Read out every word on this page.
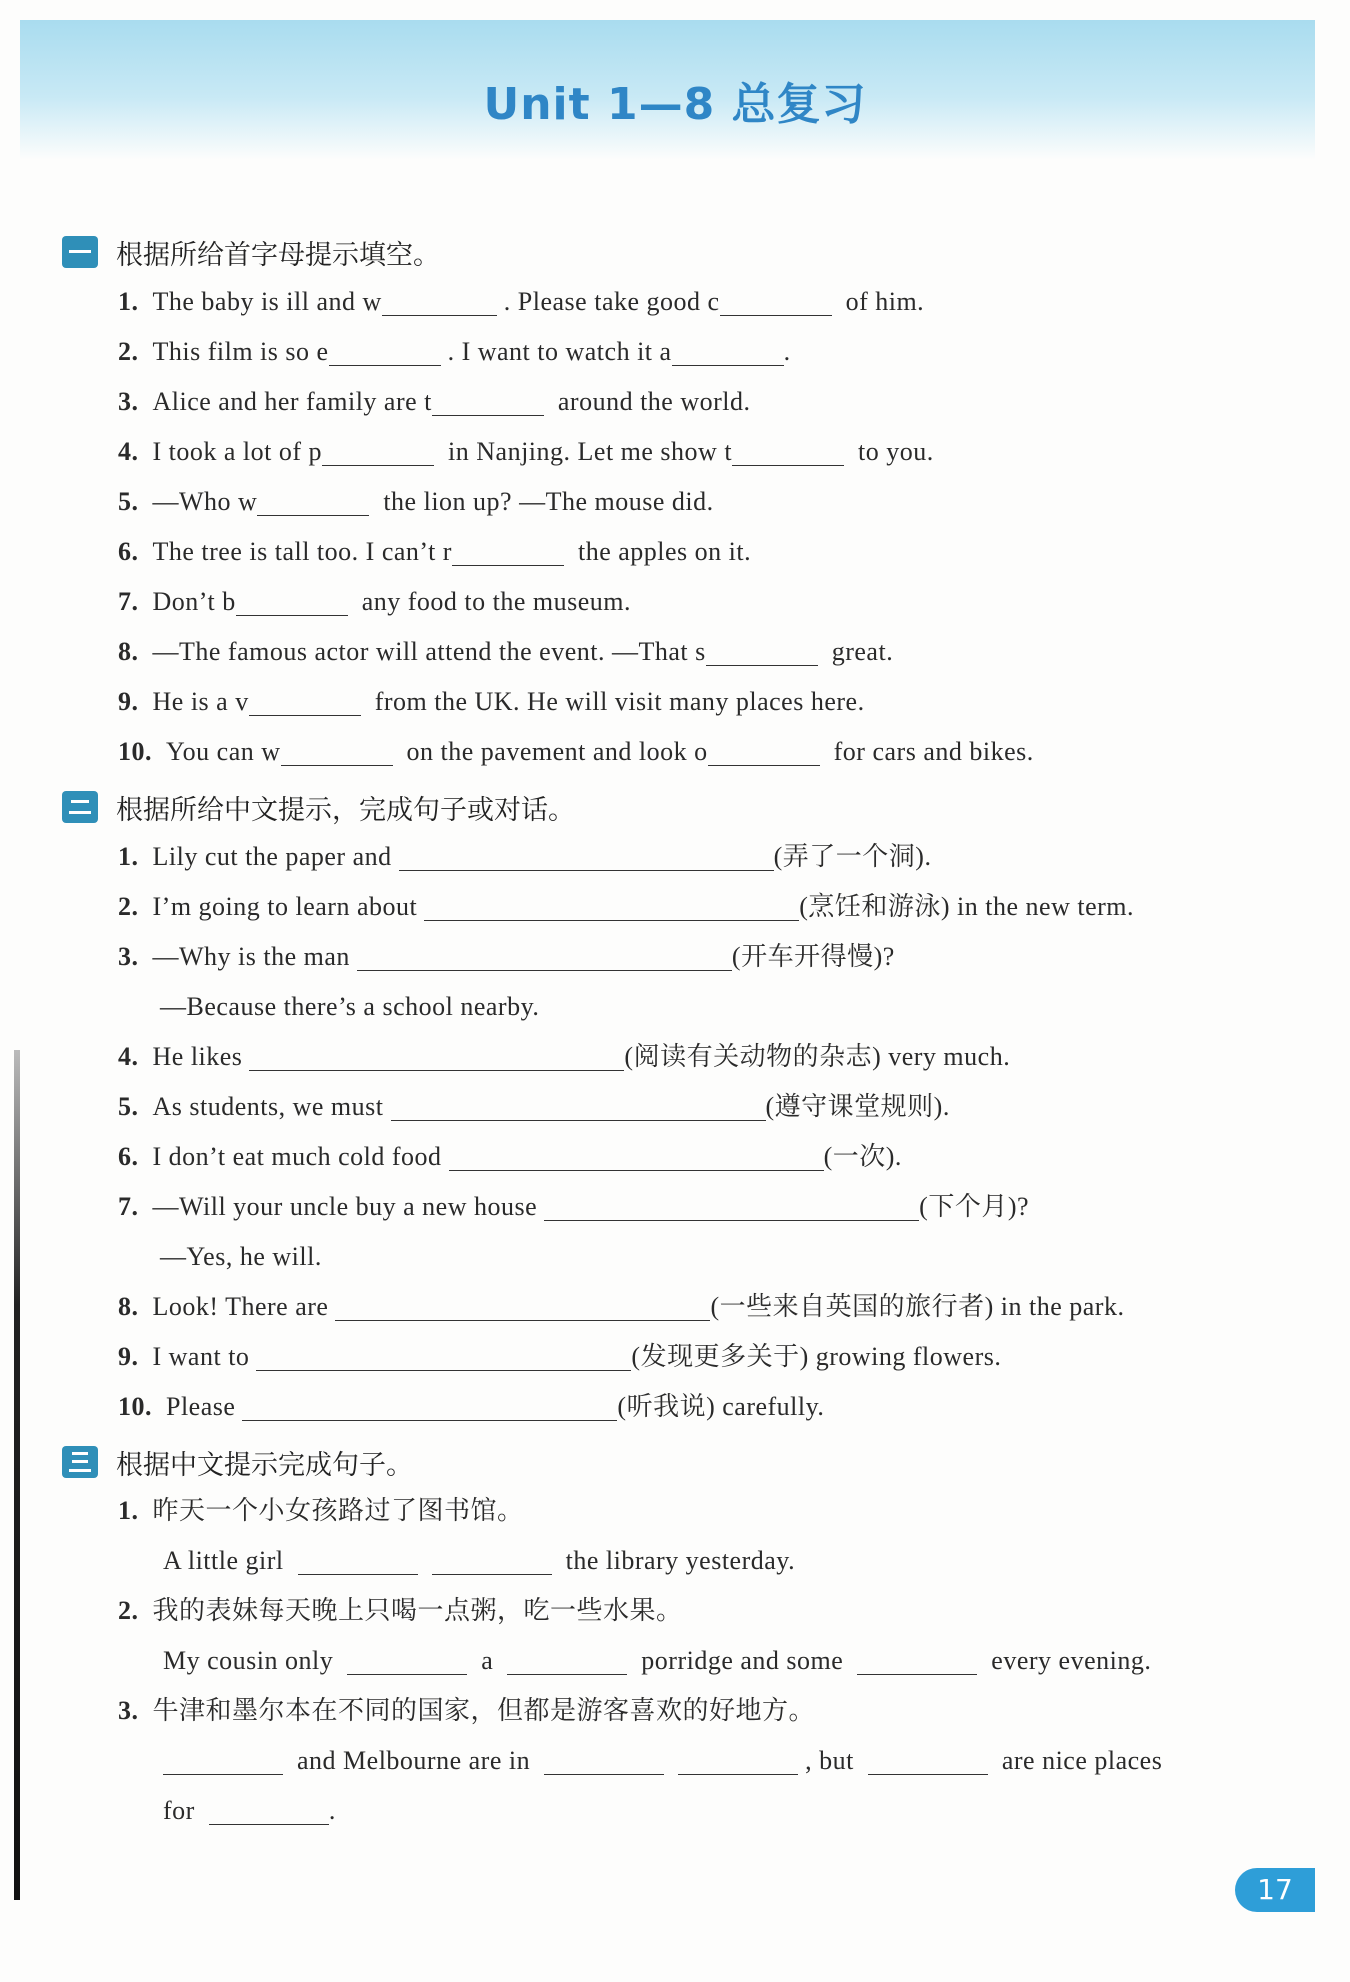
Unit 1—8 总复习
根据所给首字母提示填空。
1. The baby is ill and w	. Please take good c	of him.
2. This film is so e	. I want to watch it a	.
3. Alice and her family are t	around the world.
4. I took a lot of p	in Nanjing. Let me show t	to you.
5. —Who w	the lion up? —The mouse did.
6. The tree is tall too. I can’t r	the apples on it.
7. Don’t b	any food to the museum.
8. —The famous actor will attend the event. —That s	great.
9. He is a v	from the UK. He will visit many places here.
10. You can w	on the pavement and look o	for cars and bikes.
根据所给中文提示，完成句子或对话。
1. Lily cut the paper and	(弄了一个洞).
2. I’m going to learn about	(烹饪和游泳) in the new term.
3. —Why is the man	(开车开得慢)?
—Because there’s a school nearby.
4. He likes	(阅读有关动物的杂志) very much.
5. As students, we must	(遵守课堂规则).
6. I don’t eat much cold food	(一次).
7. —Will your uncle buy a new house	(下个月)?
—Yes, he will.
8. Look! There are	(一些来自英国的旅行者) in the park.
9. I want to	(发现更多关于) growing flowers.
10. Please	(听我说) carefully.
根据中文提示完成句子。
1. 昨天一个小女孩路过了图书馆。
A little girl	the library yesterday.
2. 我的表妹每天晚上只喝一点粥，吃一些水果。
My cousin only	a	porridge and some	every evening.
3. 牛津和墨尔本在不同的国家，但都是游客喜欢的好地方。
and Melbourne are in	, but	are nice places
for	.
17
